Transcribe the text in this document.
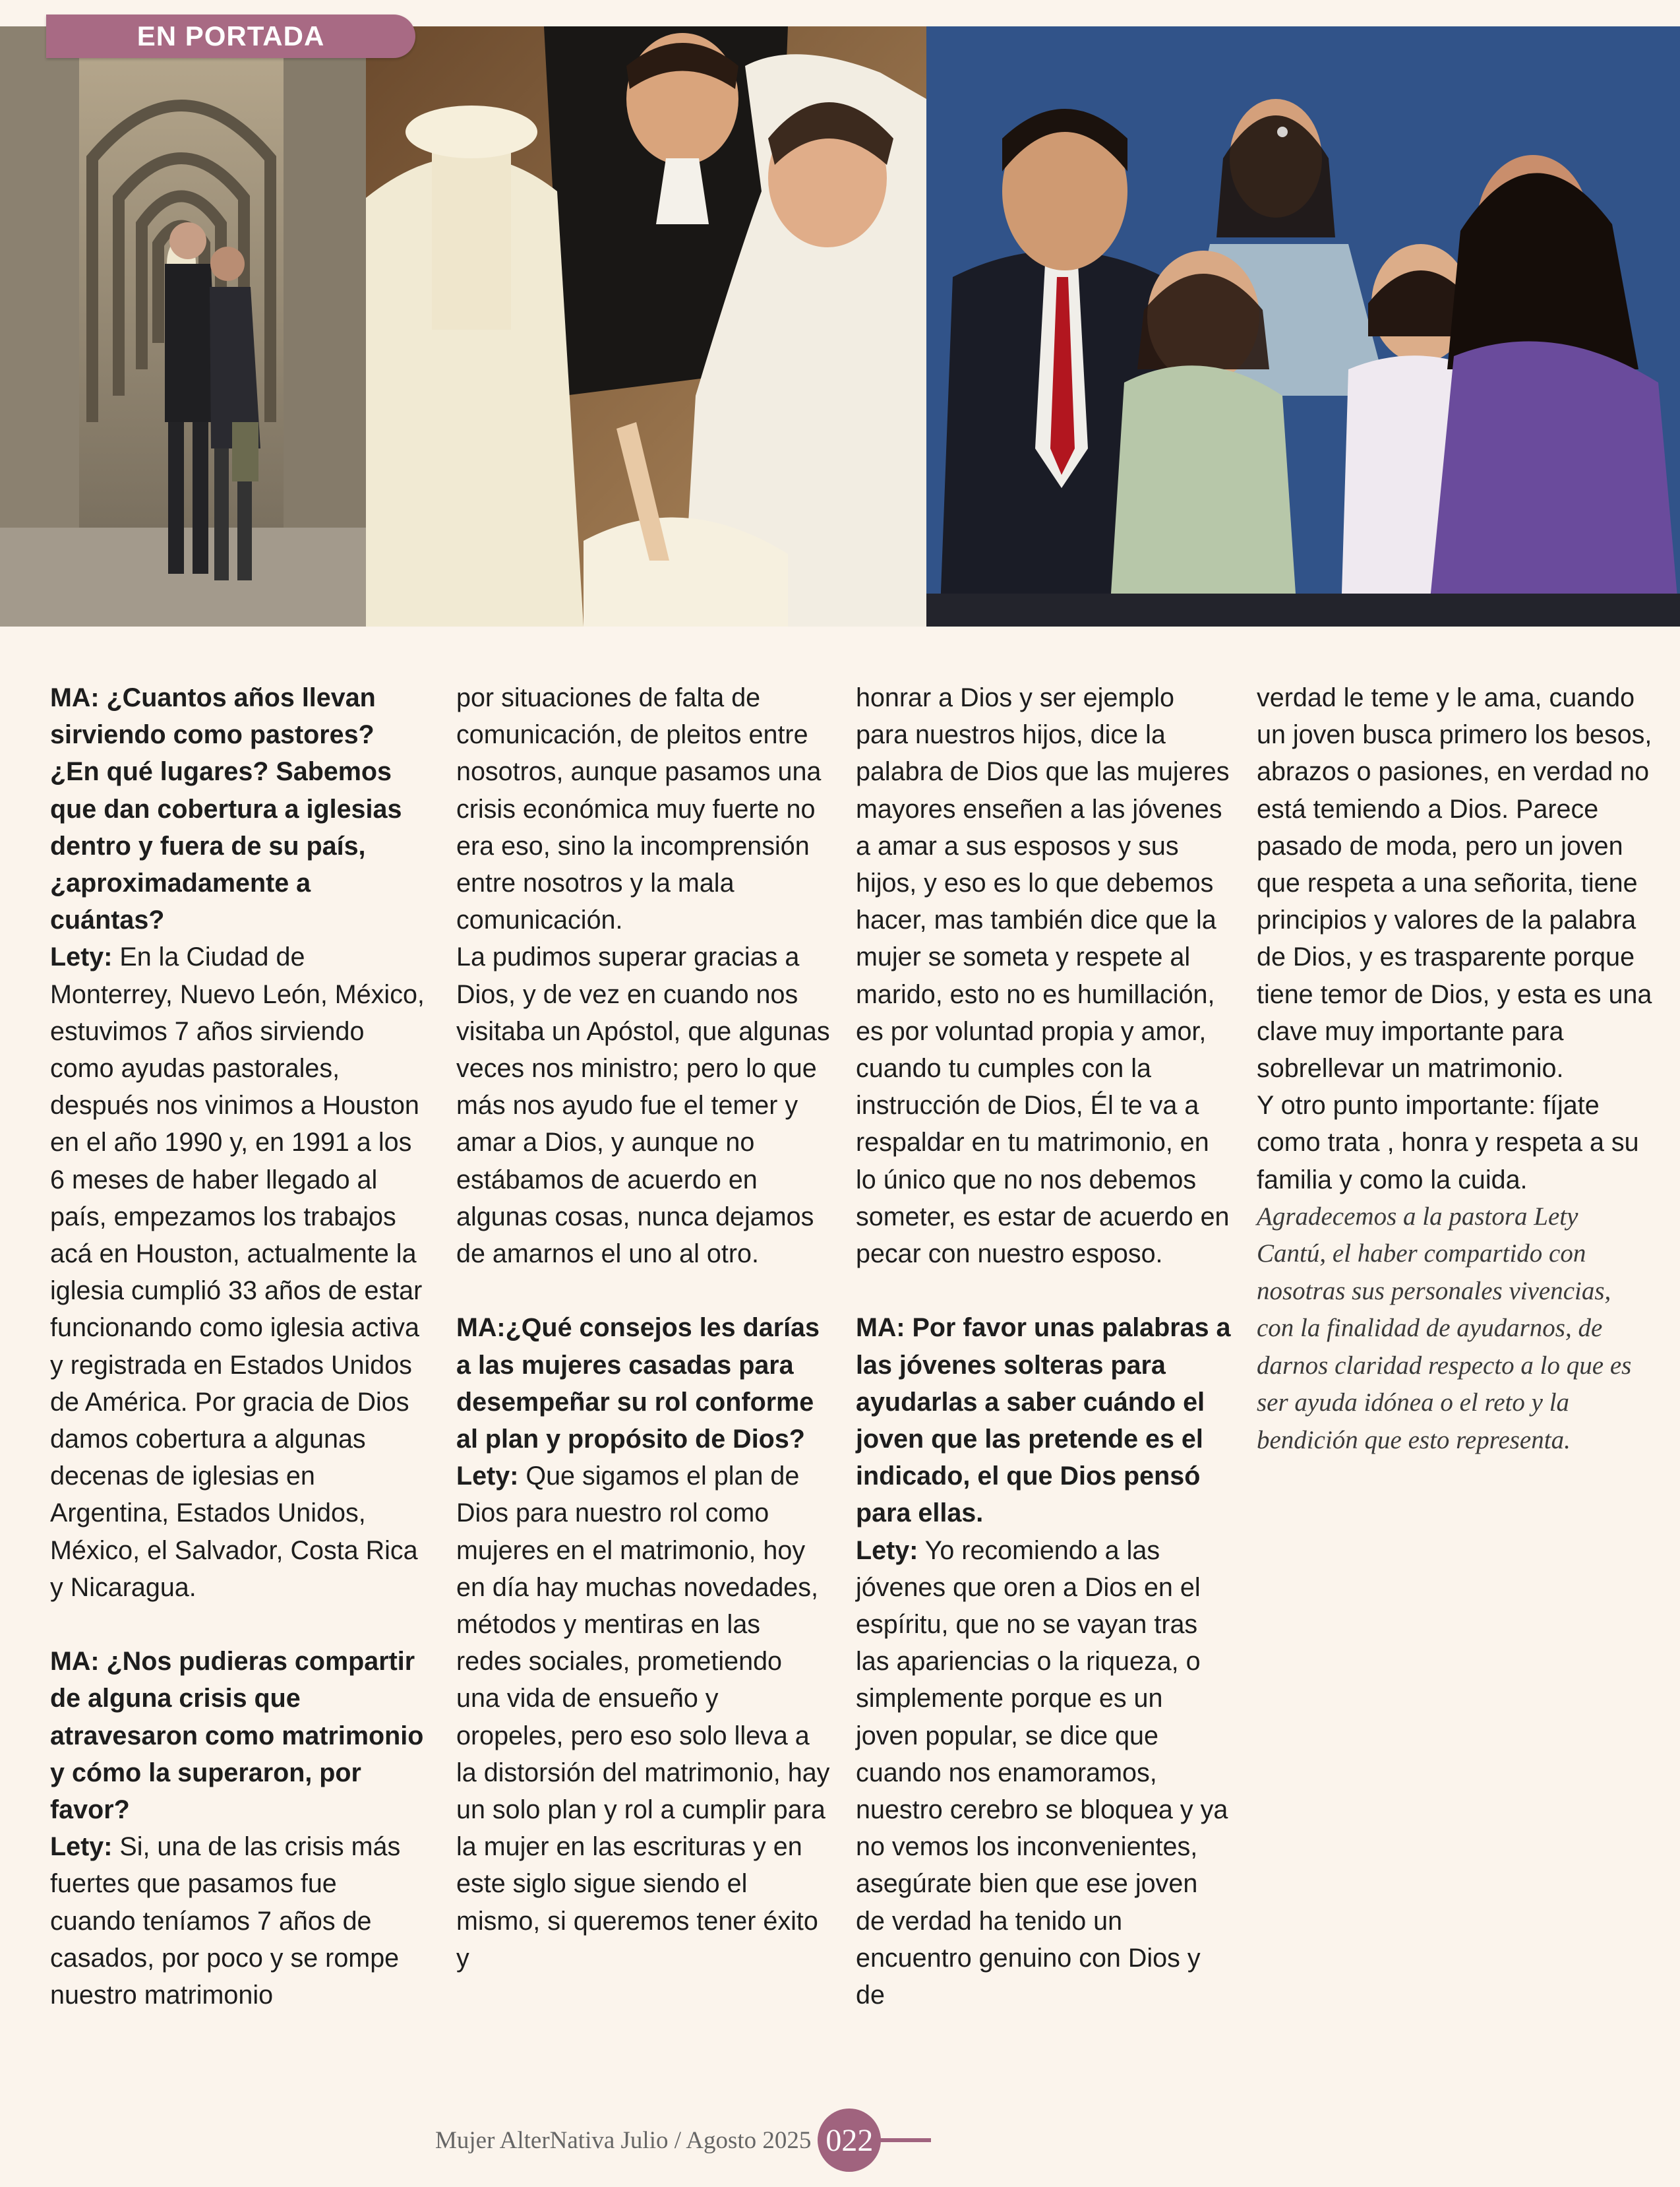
EN PORTADA

MA: ¿Cuantos años llevan sirviendo como pastores? ¿En qué lugares? Sabemos que dan cobertura a iglesias dentro y fuera de su país, ¿aproximadamente a cuántas?

Lety: En la Ciudad de Monterrey, Nuevo León, México, estuvimos 7 años sirviendo como ayudas pastorales, después nos vinimos a Houston en el año 1990 y, en 1991 a los 6 meses de haber llegado al país, empezamos los trabajos acá en Houston, actualmente la iglesia cumplió 33 años de estar funcionando como iglesia activa y registrada en Estados Unidos de América. Por gracia de Dios damos cobertura a algunas decenas de iglesias en Argentina, Estados Unidos, México, el Salvador, Costa Rica y Nicaragua.

MA: ¿Nos pudieras compartir de alguna crisis que atravesaron como matrimonio y cómo la superaron, por favor?

Lety: Si, una de las crisis más fuertes que pasamos fue cuando teníamos 7 años de casados, por poco y se rompe nuestro matrimonio

por situaciones de falta de comunicación, de pleitos entre nosotros, aunque pasamos una crisis económica muy fuerte no era eso, sino la incomprensión entre nosotros y la mala comunicación.

La pudimos superar gracias a Dios, y de vez en cuando nos visitaba un Apóstol, que algunas veces nos ministro; pero lo que más nos ayudo fue el temer y amar a Dios, y aunque no estábamos de acuerdo en algunas cosas, nunca dejamos de amarnos el uno al otro.

MA:¿Qué consejos les darías a las mujeres casadas para desempeñar su rol conforme al plan y propósito de Dios?

Lety: Que sigamos el plan de Dios para nuestro rol como mujeres en el matrimonio, hoy en día hay muchas novedades, métodos y mentiras en las redes sociales, prometiendo una vida de ensueño y oropeles, pero eso solo lleva a la distorsión del matrimonio, hay un solo plan y rol a cumplir para la mujer en las escrituras y en este siglo sigue siendo el mismo, si queremos tener éxito y

honrar a Dios y ser ejemplo para nuestros hijos, dice la palabra de Dios que las mujeres mayores enseñen a las jóvenes a amar a sus esposos y sus hijos, y eso es lo que debemos hacer, mas también dice que la mujer se someta y respete al marido, esto no es humillación, es por voluntad propia y amor, cuando tu cumples con la instrucción de Dios, Él te va a respaldar en tu matrimonio, en lo único que no nos debemos someter, es estar de acuerdo en pecar con nuestro esposo.

MA: Por favor unas palabras a las jóvenes solteras para ayudarlas a saber cuándo el joven que las pretende es el indicado, el que Dios pensó para ellas.

Lety: Yo recomiendo a las jóvenes que oren a Dios en el espíritu, que no se vayan tras las apariencias o la riqueza, o simplemente porque es un joven popular, se dice que cuando nos enamoramos, nuestro cerebro se bloquea y ya no vemos los inconvenientes, asegúrate bien que ese joven de verdad ha tenido un encuentro genuino con Dios y de

verdad le teme y le ama, cuando un joven busca primero los besos, abrazos o pasiones, en verdad no está temiendo a Dios. Parece pasado de moda, pero un joven que respeta a una señorita, tiene principios y valores de la palabra de Dios, y es trasparente porque tiene temor de Dios, y esta es una clave muy importante para sobrellevar un matrimonio.

Y otro punto importante: fíjate como trata , honra y respeta a su familia y como la cuida.

Agradecemos a la pastora Lety Cantú, el haber compartido con nosotras sus personales vivencias, con la finalidad de ayudarnos, de darnos claridad respecto a lo que es ser ayuda idónea o el reto y la bendición que esto representa.

Mujer AlterNativa Julio / Agosto 2025 022
